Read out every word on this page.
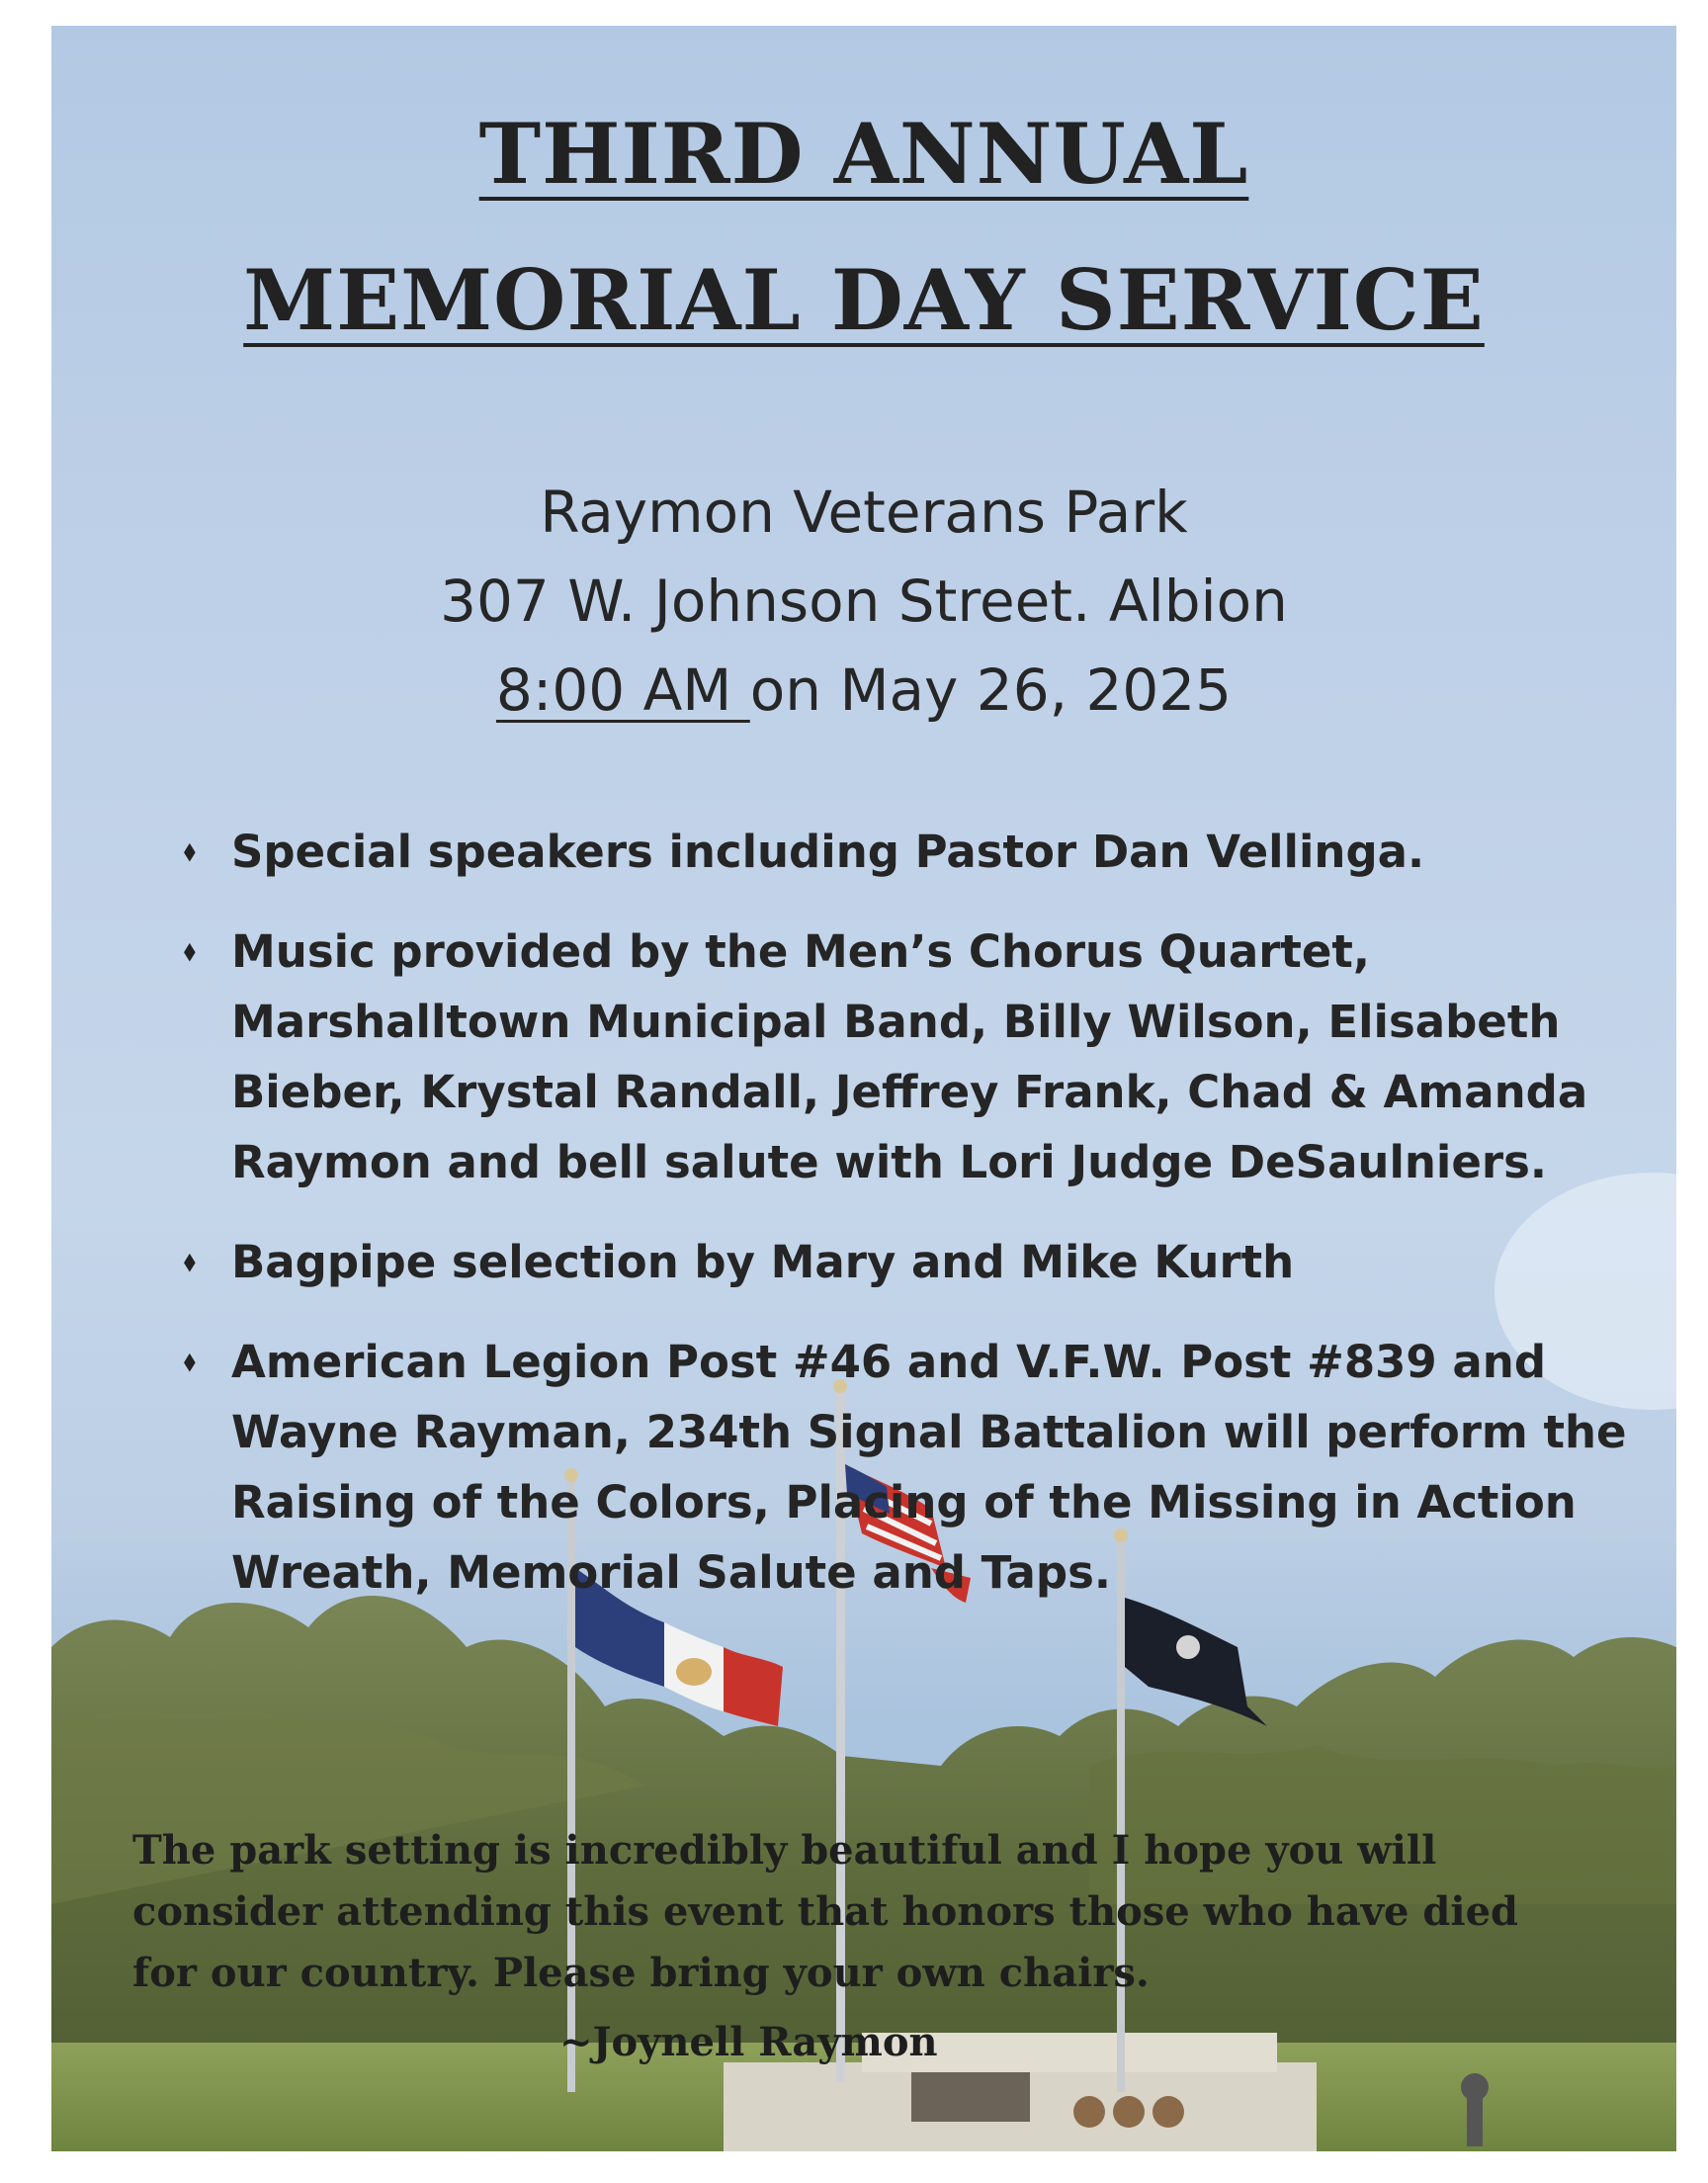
THIRD ANNUAL
MEMORIAL DAY SERVICE
Raymon Veterans Park
307 W. Johnson Street. Albion
8:00 AM on May 26, 2025
⬧ Special speakers including Pastor Dan Vellinga.
⬧ Music provided by the Men’s Chorus Quartet, Marshalltown Municipal Band, Billy Wilson, Elisabeth Bieber, Krystal Randall, Jeffrey Frank, Chad & Amanda Raymon and bell salute with Lori Judge DeSaulniers.
⬧ Bagpipe selection by Mary and Mike Kurth
⬧ American Legion Post #46 and V.F.W. Post #839 and Wayne Rayman, 234th Signal Battalion will perform the Raising of the Colors, Placing of the Missing in Action Wreath, Memorial Salute and Taps.
The park setting is incredibly beautiful and I hope you will consider attending this event that honors those who have died for our country. Please bring your own chairs.
~Joynell Raymon
